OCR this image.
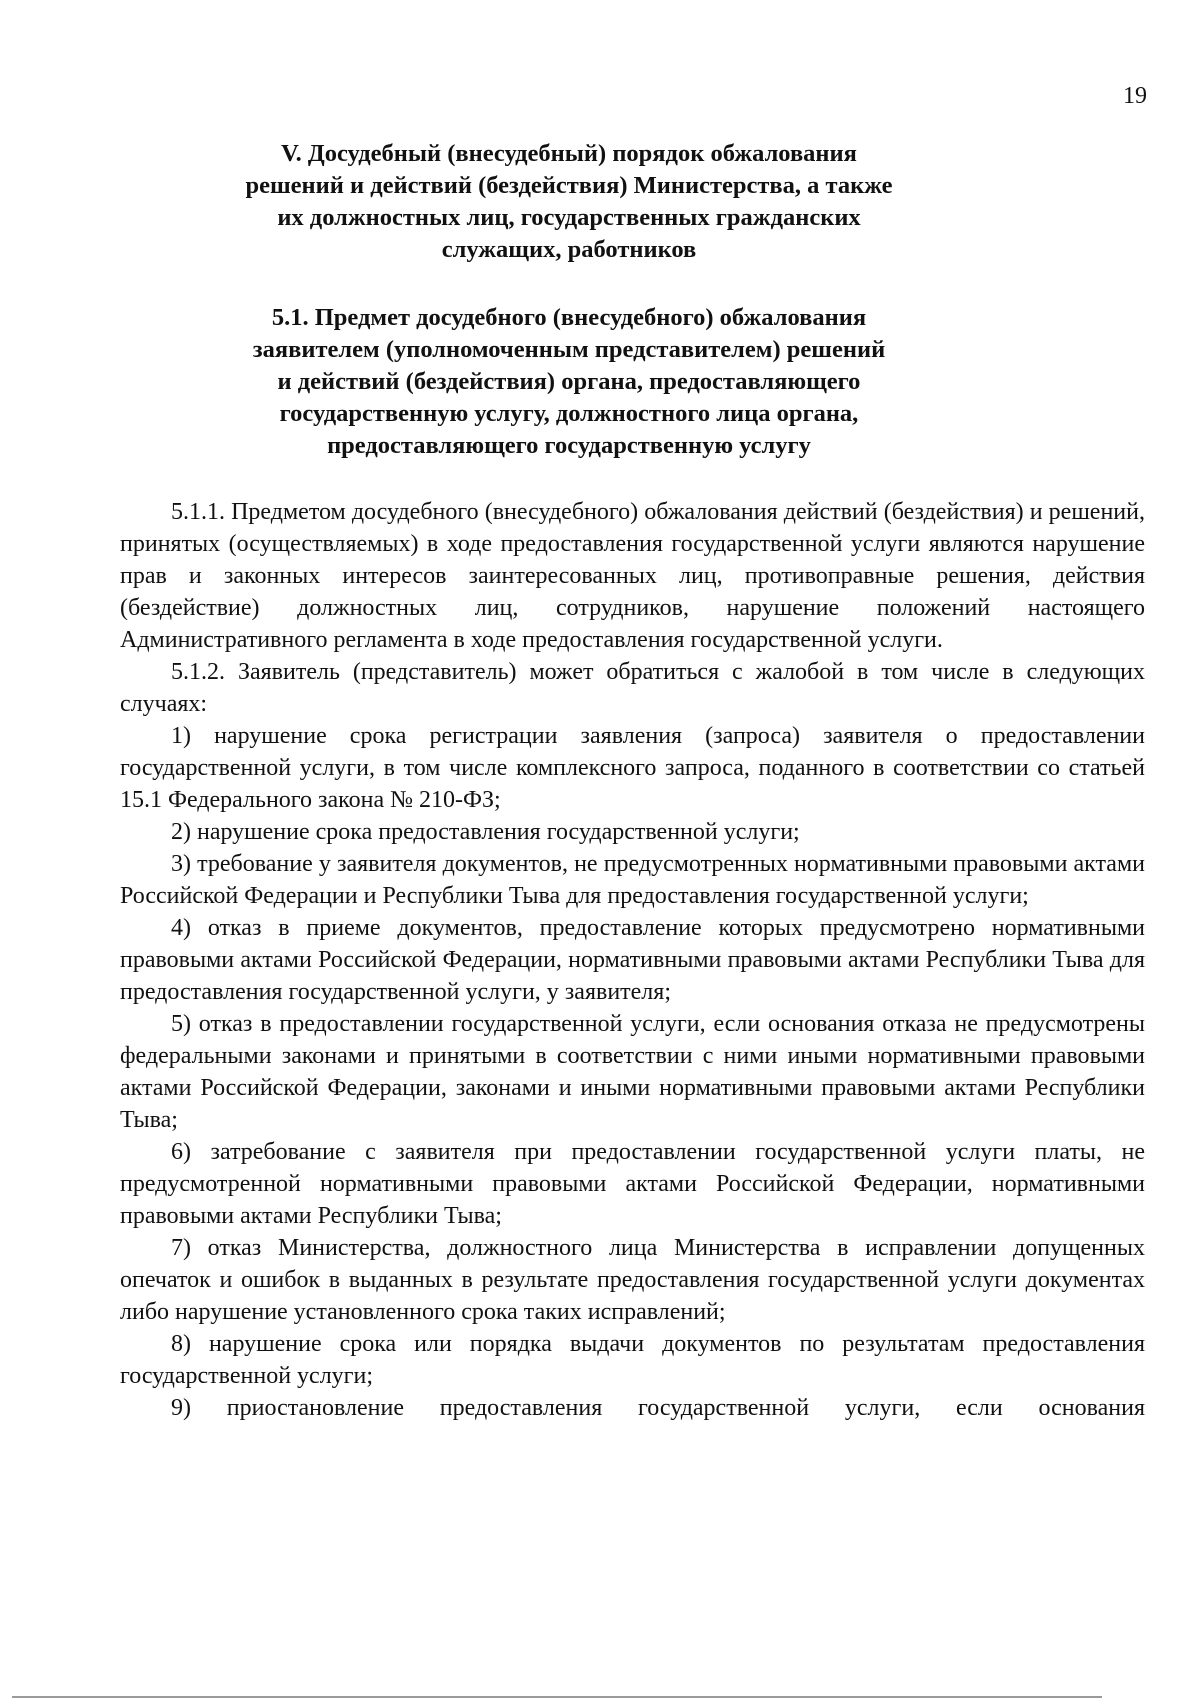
19
V. Досудебный (внесудебный) порядок обжалования
решений и действий (бездействия) Министерства, а также
их должностных лиц, государственных гражданских
служащих, работников
5.1. Предмет досудебного (внесудебного) обжалования
заявителем (уполномоченным представителем) решений
и действий (бездействия) органа, предоставляющего
государственную услугу, должностного лица органа,
предоставляющего государственную услугу

5.1.1. Предметом досудебного (внесудебного) обжалования действий (бездействия) и решений, принятых (осуществляемых) в ходе предоставления государственной услуги являются нарушение прав и законных интересов заинтересованных лиц, противоправные решения, действия (бездействие) должностных лиц, сотрудников, нарушение положений настоящего Административного регламента в ходе предоставления государственной услуги.

5.1.2. Заявитель (представитель) может обратиться с жалобой в том числе в следующих случаях:

1) нарушение срока регистрации заявления (запроса) заявителя о предоставлении государственной услуги, в том числе комплексного запроса, поданного в соответствии со статьей 15.1 Федерального закона № 210-ФЗ;

2) нарушение срока предоставления государственной услуги;

3) требование у заявителя документов, не предусмотренных нормативными правовыми актами Российской Федерации и Республики Тыва для предоставления государственной услуги;

4) отказ в приеме документов, предоставление которых предусмотрено нормативными правовыми актами Российской Федерации, нормативными правовыми актами Республики Тыва для предоставления государственной услуги, у заявителя;

5) отказ в предоставлении государственной услуги, если основания отказа не предусмотрены федеральными законами и принятыми в соответствии с ними иными нормативными правовыми актами Российской Федерации, законами и иными нормативными правовыми актами Республики Тыва;

6) затребование с заявителя при предоставлении государственной услуги платы, не предусмотренной нормативными правовыми актами Российской Федерации, нормативными правовыми актами Республики Тыва;

7) отказ Министерства, должностного лица Министерства в исправлении допущенных опечаток и ошибок в выданных в результате предоставления государственной услуги документах либо нарушение установленного срока таких исправлений;

8) нарушение срока или порядка выдачи документов по результатам предоставления государственной услуги;

9) приостановление предоставления государственной услуги, если основания
